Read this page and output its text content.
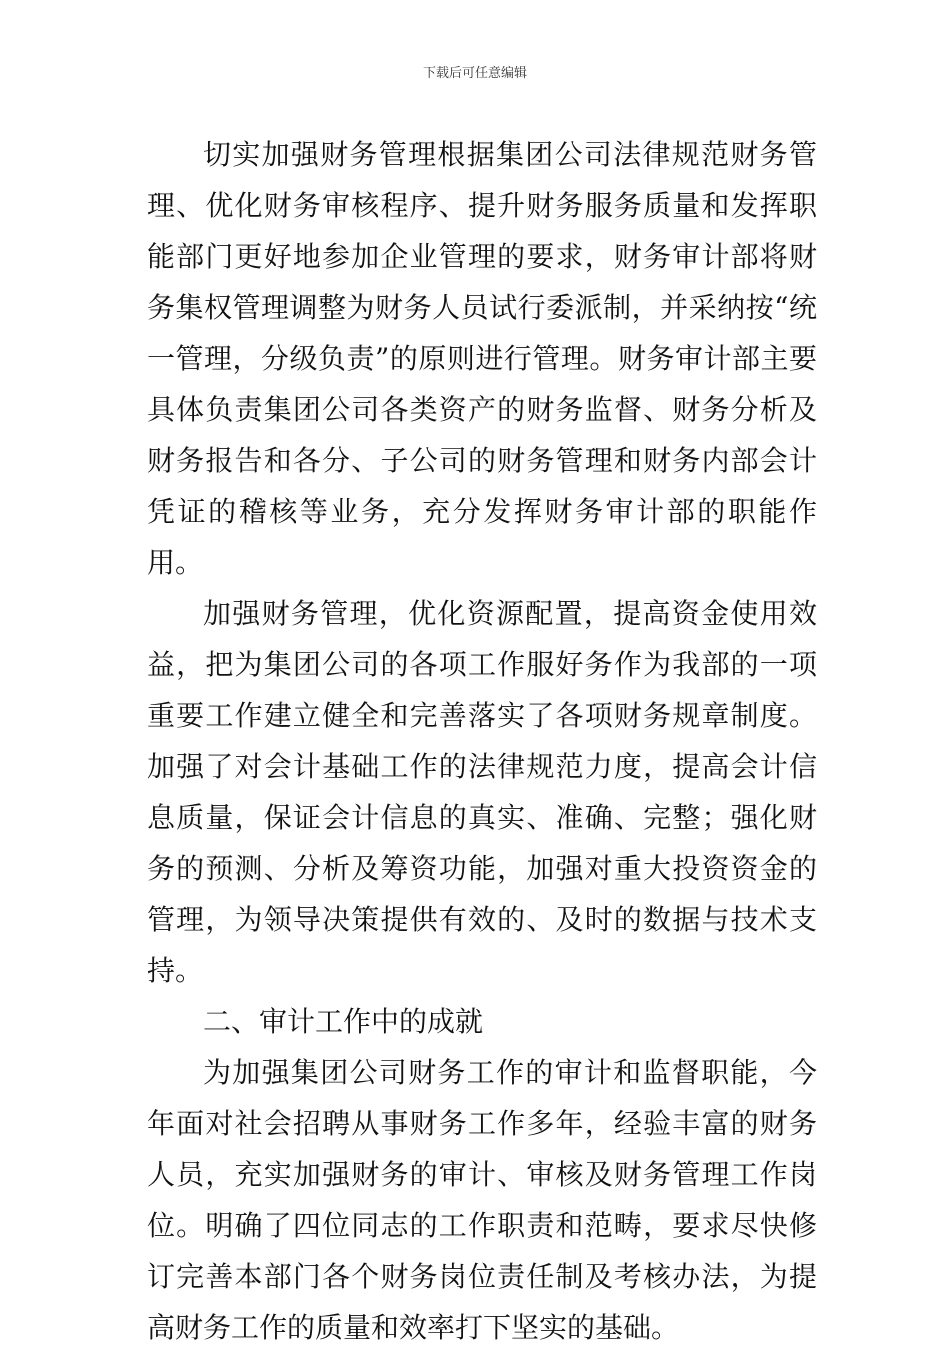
下载后可任意编辑

切实加强财务管理根据集团公司法律规范财务管理、优化财务审核程序、提升财务服务质量和发挥职能部门更好地参加企业管理的要求，财务审计部将财务集权管理调整为财务人员试行委派制，并采纳按“统一管理，分级负责”的原则进行管理。财务审计部主要具体负责集团公司各类资产的财务监督、财务分析及财务报告和各分、子公司的财务管理和财务内部会计凭证的稽核等业务，充分发挥财务审计部的职能作用。

加强财务管理，优化资源配置，提高资金使用效益，把为集团公司的各项工作服好务作为我部的一项重要工作建立健全和完善落实了各项财务规章制度。加强了对会计基础工作的法律规范力度，提高会计信息质量，保证会计信息的真实、准确、完整；强化财务的预测、分析及筹资功能，加强对重大投资资金的管理，为领导决策提供有效的、及时的数据与技术支持。

二、审计工作中的成就

为加强集团公司财务工作的审计和监督职能，今年面对社会招聘从事财务工作多年，经验丰富的财务人员，充实加强财务的审计、审核及财务管理工作岗位。明确了四位同志的工作职责和范畴，要求尽快修订完善本部门各个财务岗位责任制及考核办法，为提高财务工作的质量和效率打下坚实的基础。
